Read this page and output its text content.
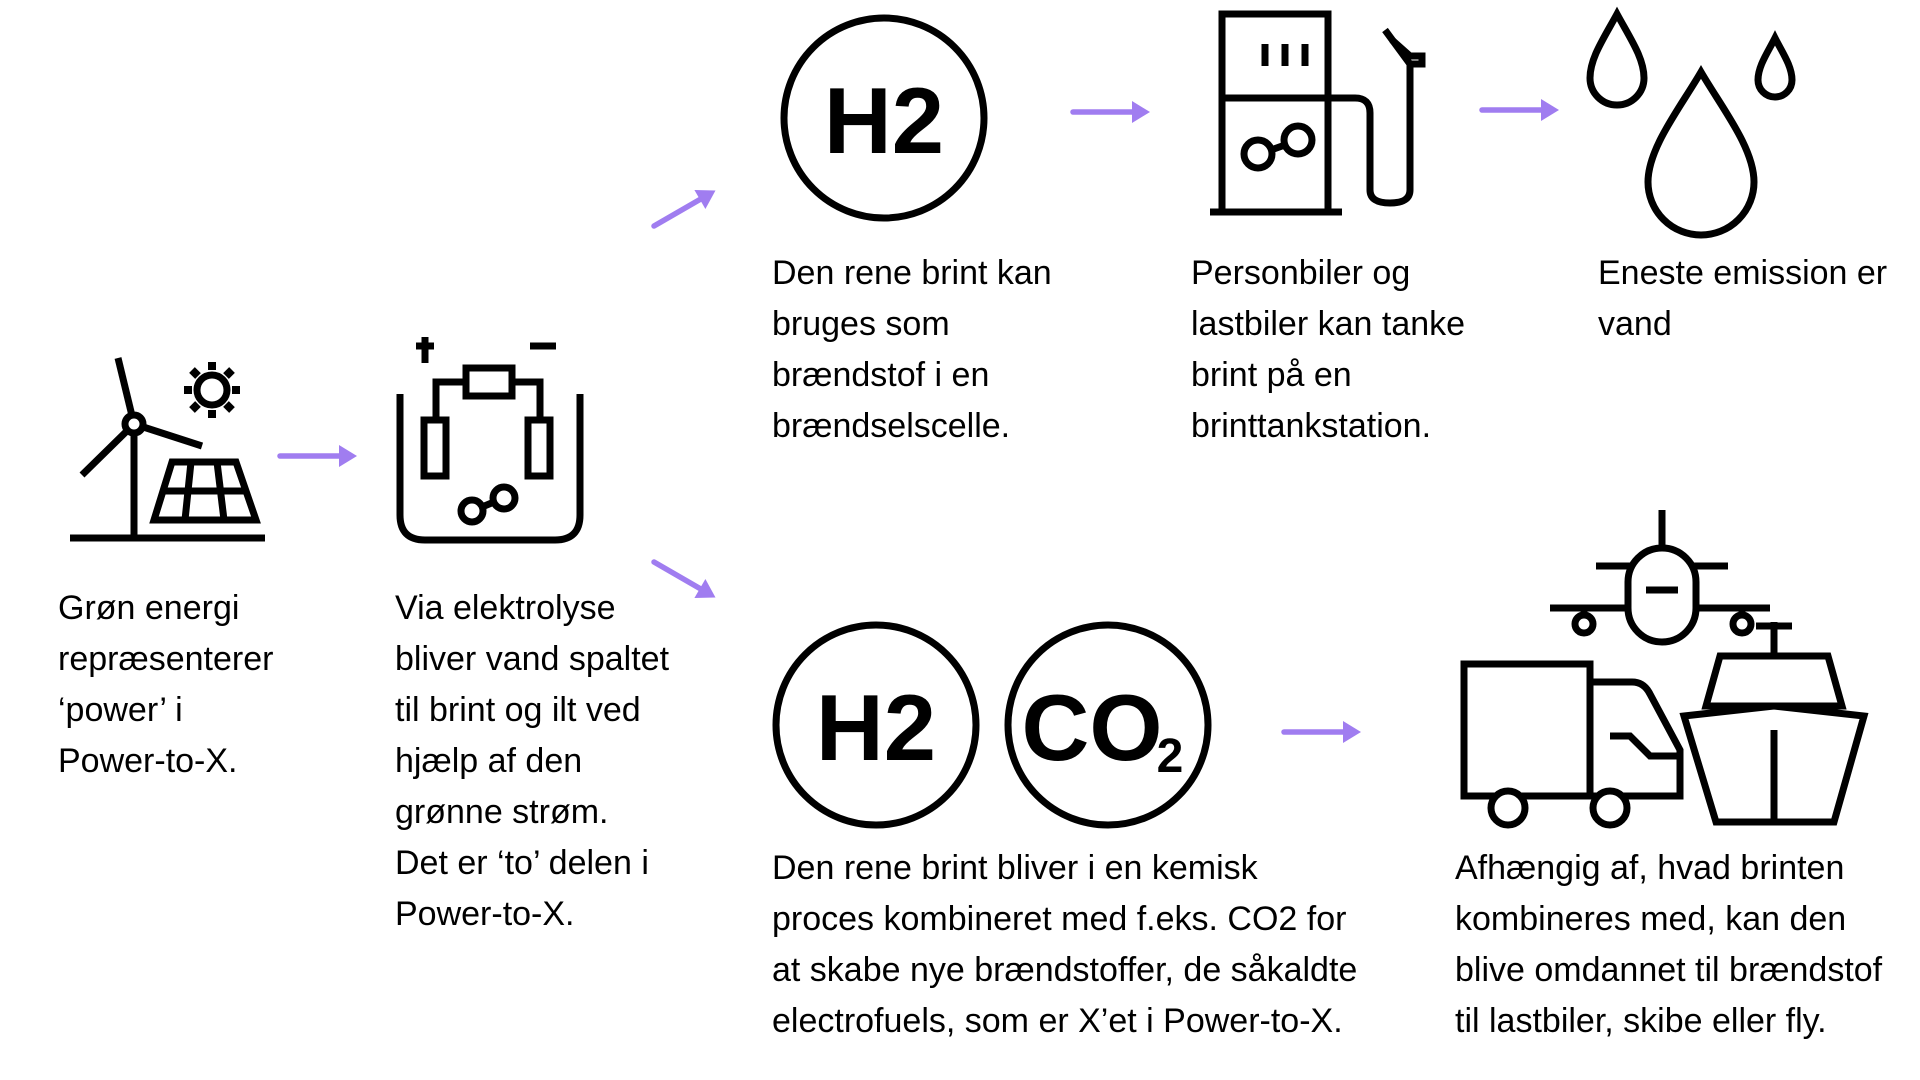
H2
H2 CO
2
Grøn energi
repræsenterer
‘power’ i
Power-to-X.
Via elektrolyse
bliver vand spaltet
til brint og ilt ved
hjælp af den
grønne strøm.
Det er ‘to’ delen i
Power-to-X.
Den rene brint kan
bruges som
brændstof i en
brændselscelle.
Personbiler og
lastbiler kan tanke
brint på en
brinttankstation.
Eneste emission er
vand
Den rene brint bliver i en kemisk
proces kombineret med f.eks. CO2 for
at skabe nye brændstoffer, de såkaldte
electrofuels, som er X’et i Power-to-X.
Afhængig af, hvad brinten
kombineres med, kan den
blive omdannet til brændstof
til lastbiler, skibe eller fly.
